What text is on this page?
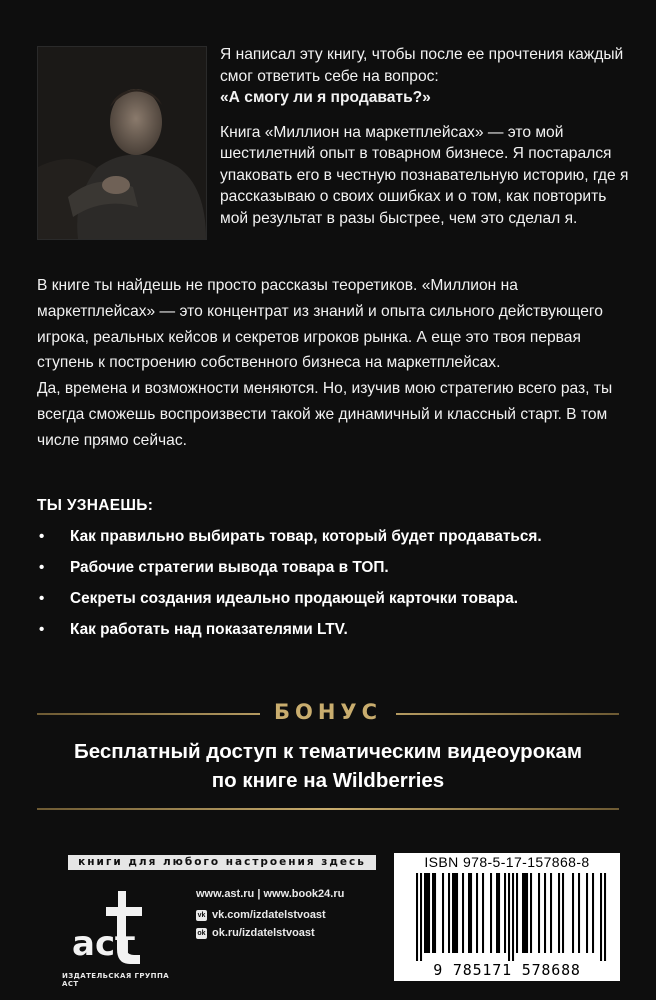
Я написал эту книгу, чтобы после ее прочтения каждый смог ответить себе на вопрос:
«А смогу ли я продавать?»

Книга «Миллион на маркетплейсах» — это мой шестилетний опыт в товарном бизнесе. Я постарался упаковать его в честную познавательную историю, где я рассказываю о своих ошибках и о том, как повторить мой результат в разы быстрее, чем это сделал я.

В книге ты найдешь не просто рассказы теоретиков. «Миллион на маркетплейсах» — это концентрат из знаний и опыта сильного действующего игрока, реальных кейсов и секретов игроков рынка. А еще это твоя первая ступень к построению собственного бизнеса на маркетплейсах.

Да, времена и возможности меняются. Но, изучив мою стратегию всего раз, ты всегда сможешь воспроизвести такой же динамичный и классный старт. В том числе прямо сейчас.

ТЫ УЗНАЕШЬ:
• Как правильно выбирать товар, который будет продаваться.
• Рабочие стратегии вывода товара в ТОП.
• Секреты создания идеально продающей карточки товара.
• Как работать над показателями LTV.
БОНУС
Бесплатный доступ к тематическим видеоурокам
по книге на Wildberries
книги для любого настроения здесь
аст
ИЗДАТЕЛЬСКАЯ ГРУППА АСТ
www.ast.ru | www.book24.ru
vk vk.com/izdatelstvoast
ok ok.ru/izdatelstvoast
ISBN 978-5-17-157868-8
9 785171 578688
